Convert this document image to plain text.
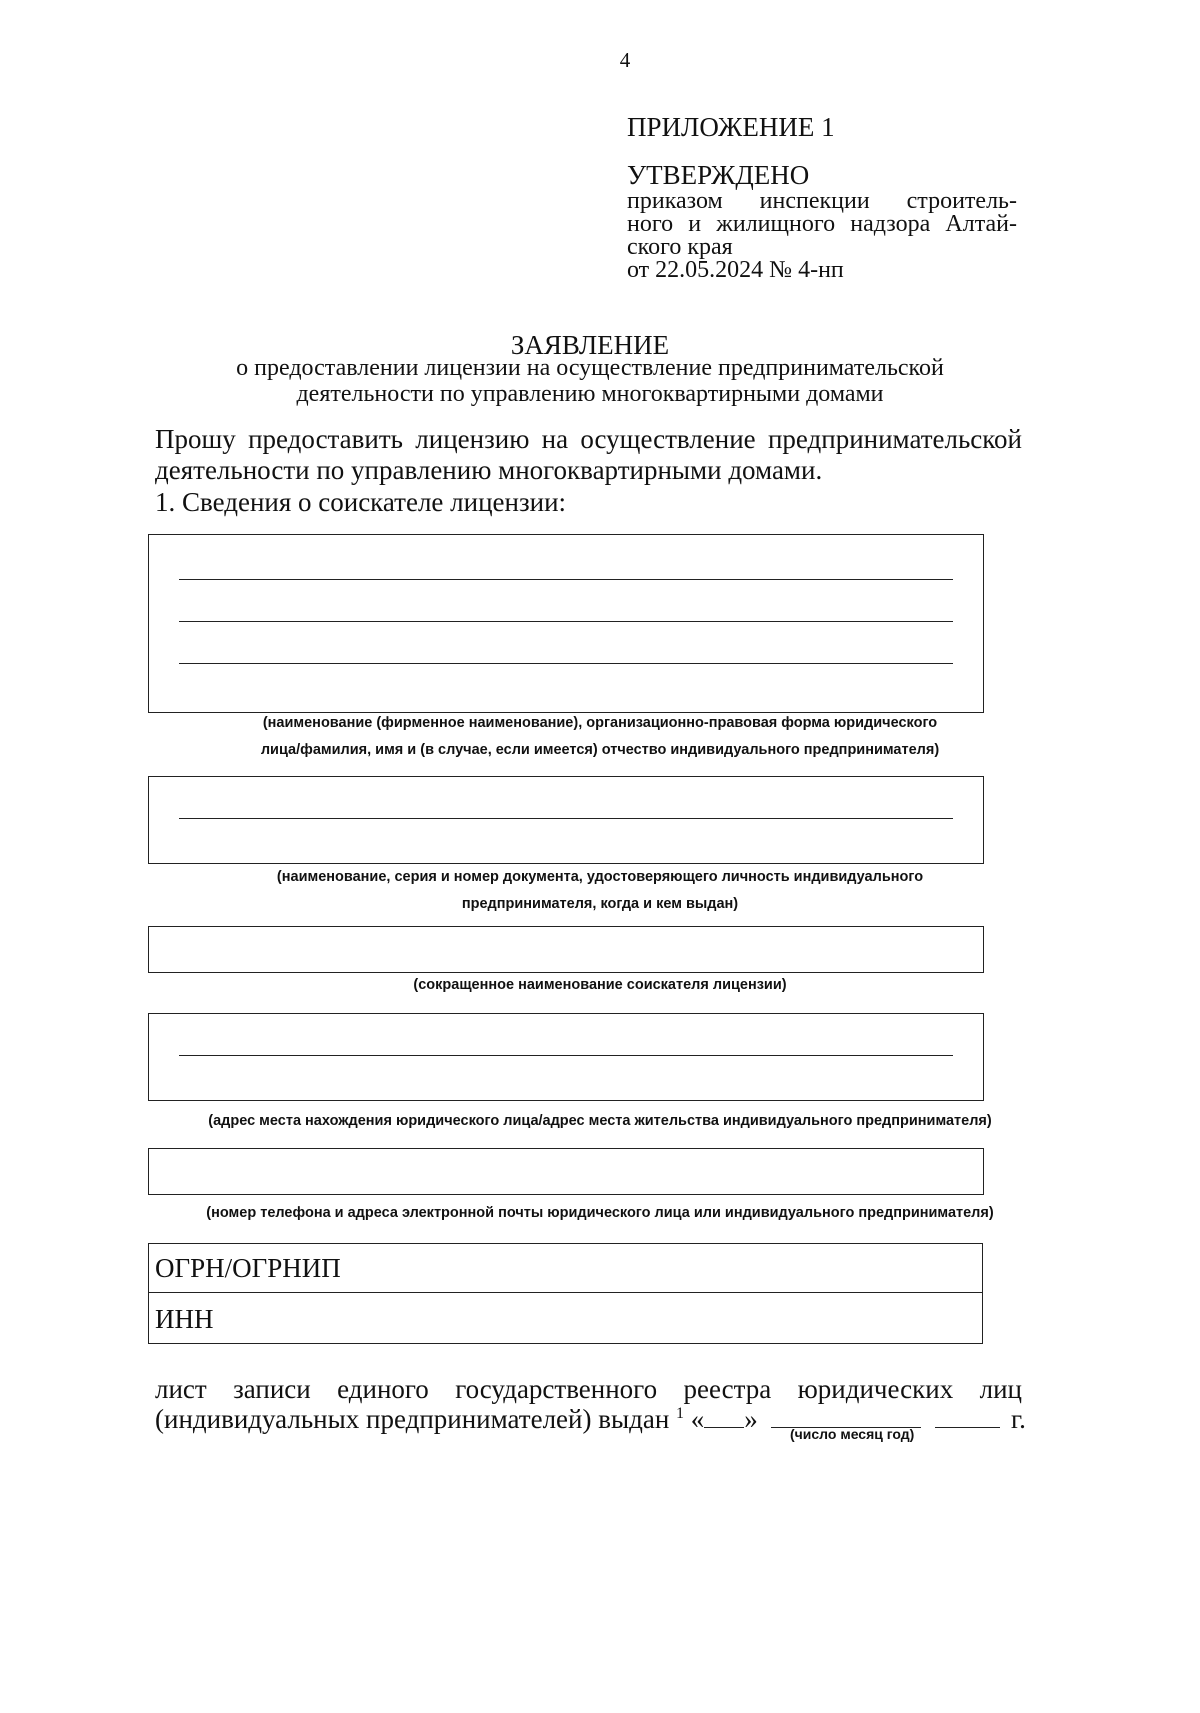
4
ПРИЛОЖЕНИЕ 1
УТВЕРЖДЕНО
приказом инспекции строитель-
ного и жилищного надзора Алтай-
ского края
от 22.05.2024 № 4-нп
ЗАЯВЛЕНИЕ
о предоставлении лицензии на осуществление предпринимательской
деятельности по управлению многоквартирными домами
Прошу предоставить лицензию на осуществление предпринимательской
деятельности по управлению многоквартирными домами.
1. Сведения о соискателе лицензии:
(наименование (фирменное наименование), организационно-правовая форма юридического
лица/фамилия, имя и (в случае, если имеется) отчество индивидуального предпринимателя)
(наименование, серия и номер документа, удостоверяющего личность индивидуального
предпринимателя, когда и кем выдан)
(сокращенное наименование соискателя лицензии)
(адрес места нахождения юридического лица/адрес места жительства индивидуального предпринимателя)
(номер телефона и адреса электронной почты юридического лица или индивидуального предпринимателя)
ОГРН/ОГРНИП
ИНН
лист записи единого государственного реестра юридических лиц
(индивидуальных предпринимателей) выдан $^1$ « »	г.
(число месяц год)
